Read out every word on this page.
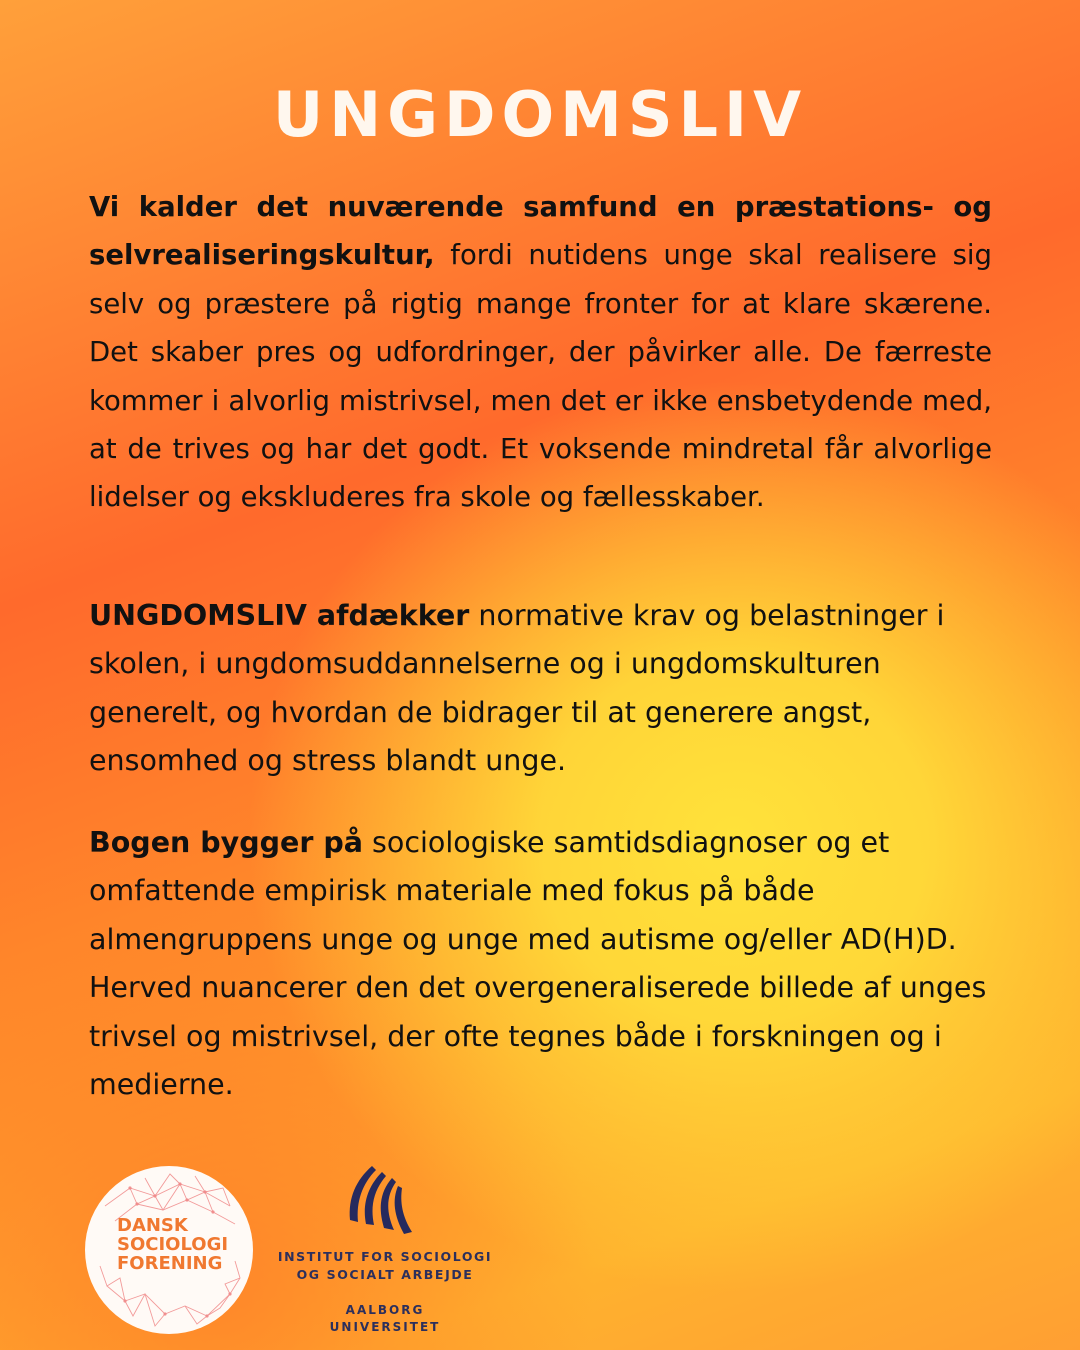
UNGDOMSLIV

Vi kalder det nuværende samfund en præstations- og selvrealiseringskultur, fordi nutidens unge skal realisere sig selv og præstere på rigtig mange fronter for at klare skærene. Det skaber pres og udfordringer, der påvirker alle. De færreste kommer i alvorlig mistrivsel, men det er ikke ensbetydende med, at de trives og har det godt. Et voksende mindretal får alvorlige lidelser og ekskluderes fra skole og fællesskaber.

UNGDOMSLIV afdækker normative krav og belastninger i skolen, i ungdomsuddannelserne og i ungdomskulturen generelt, og hvordan de bidrager til at generere angst, ensomhed og stress blandt unge.

Bogen bygger på sociologiske samtidsdiagnoser og et omfattende empirisk materiale med fokus på både almengruppens unge og unge med autisme og/eller AD(H)D. Herved nuancerer den det overgeneraliserede billede af unges trivsel og mistrivsel, der ofte tegnes både i forskningen og i medierne.

DANSK
SOCIOLOGI
FORENING	INSTITUT FOR SOCIOLOGI
OG SOCIALT ARBEJDE
AALBORG
UNIVERSITET
